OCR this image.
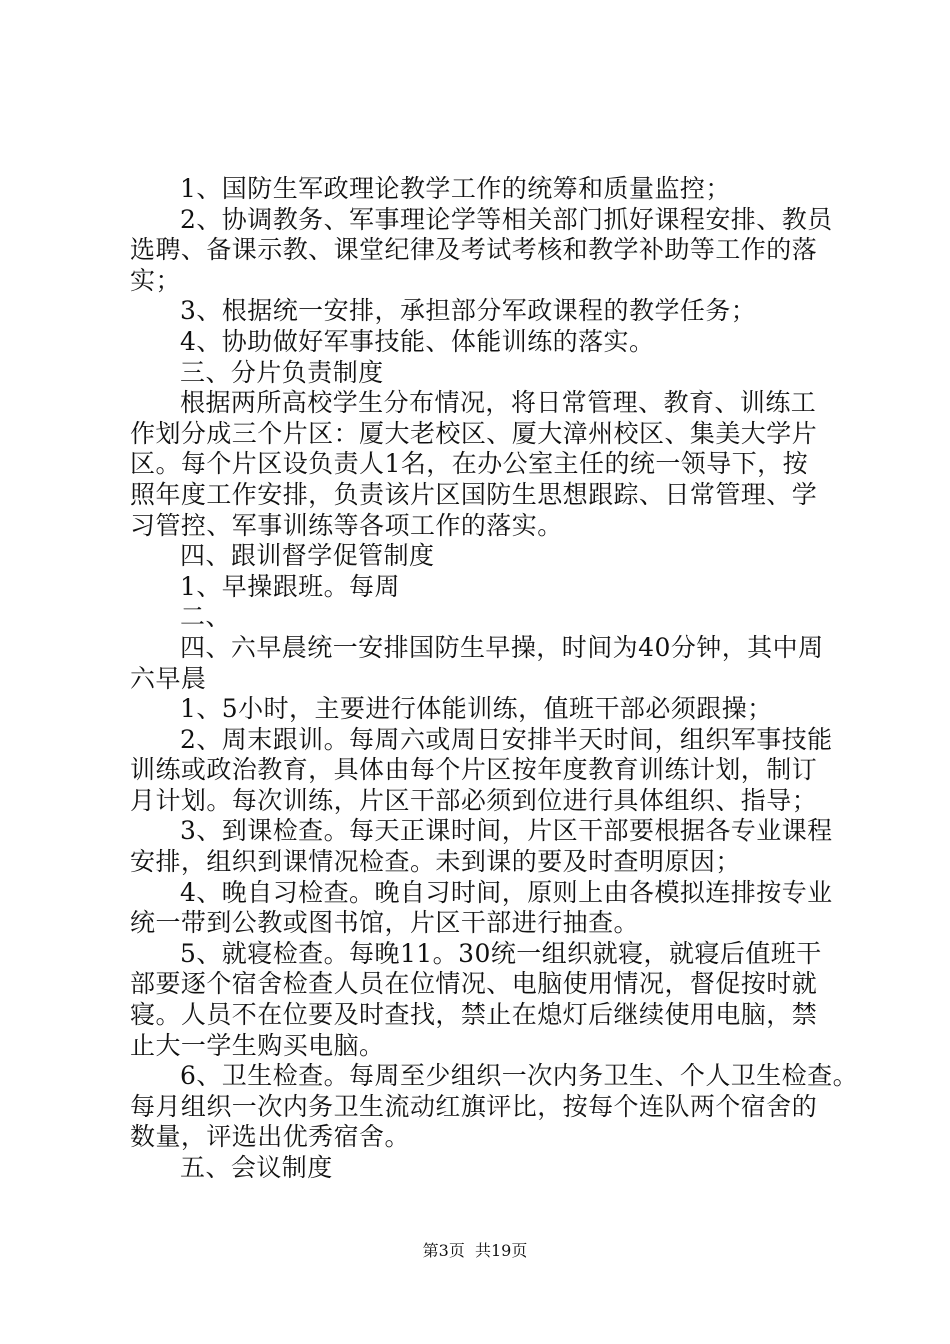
1、国防生军政理论教学工作的统筹和质量监控；
2、协调教务、军事理论学等相关部门抓好课程安排、教员
选聘、备课示教、课堂纪律及考试考核和教学补助等工作的落
实；
3、根据统一安排，承担部分军政课程的教学任务；
4、协助做好军事技能、体能训练的落实。
三、分片负责制度
根据两所高校学生分布情况，将日常管理、教育、训练工
作划分成三个片区：厦大老校区、厦大漳州校区、集美大学片
区。每个片区设负责人1名，在办公室主任的统一领导下，按
照年度工作安排，负责该片区国防生思想跟踪、日常管理、学
习管控、军事训练等各项工作的落实。
四、跟训督学促管制度
1、早操跟班。每周
二、
四、六早晨统一安排国防生早操，时间为40分钟，其中周
六早晨
1、5小时，主要进行体能训练，值班干部必须跟操；
2、周末跟训。每周六或周日安排半天时间，组织军事技能
训练或政治教育，具体由每个片区按年度教育训练计划，制订
月计划。每次训练，片区干部必须到位进行具体组织、指导；
3、到课检查。每天正课时间，片区干部要根据各专业课程
安排，组织到课情况检查。未到课的要及时查明原因；
4、晚自习检查。晚自习时间，原则上由各模拟连排按专业
统一带到公教或图书馆，片区干部进行抽查。
5、就寝检查。每晚11。30统一组织就寝，就寝后值班干
部要逐个宿舍检查人员在位情况、电脑使用情况，督促按时就
寝。人员不在位要及时查找，禁止在熄灯后继续使用电脑，禁
止大一学生购买电脑。
6、卫生检查。每周至少组织一次内务卫生、个人卫生检查。
每月组织一次内务卫生流动红旗评比，按每个连队两个宿舍的
数量，评选出优秀宿舍。
五、会议制度
第3页  共19页
